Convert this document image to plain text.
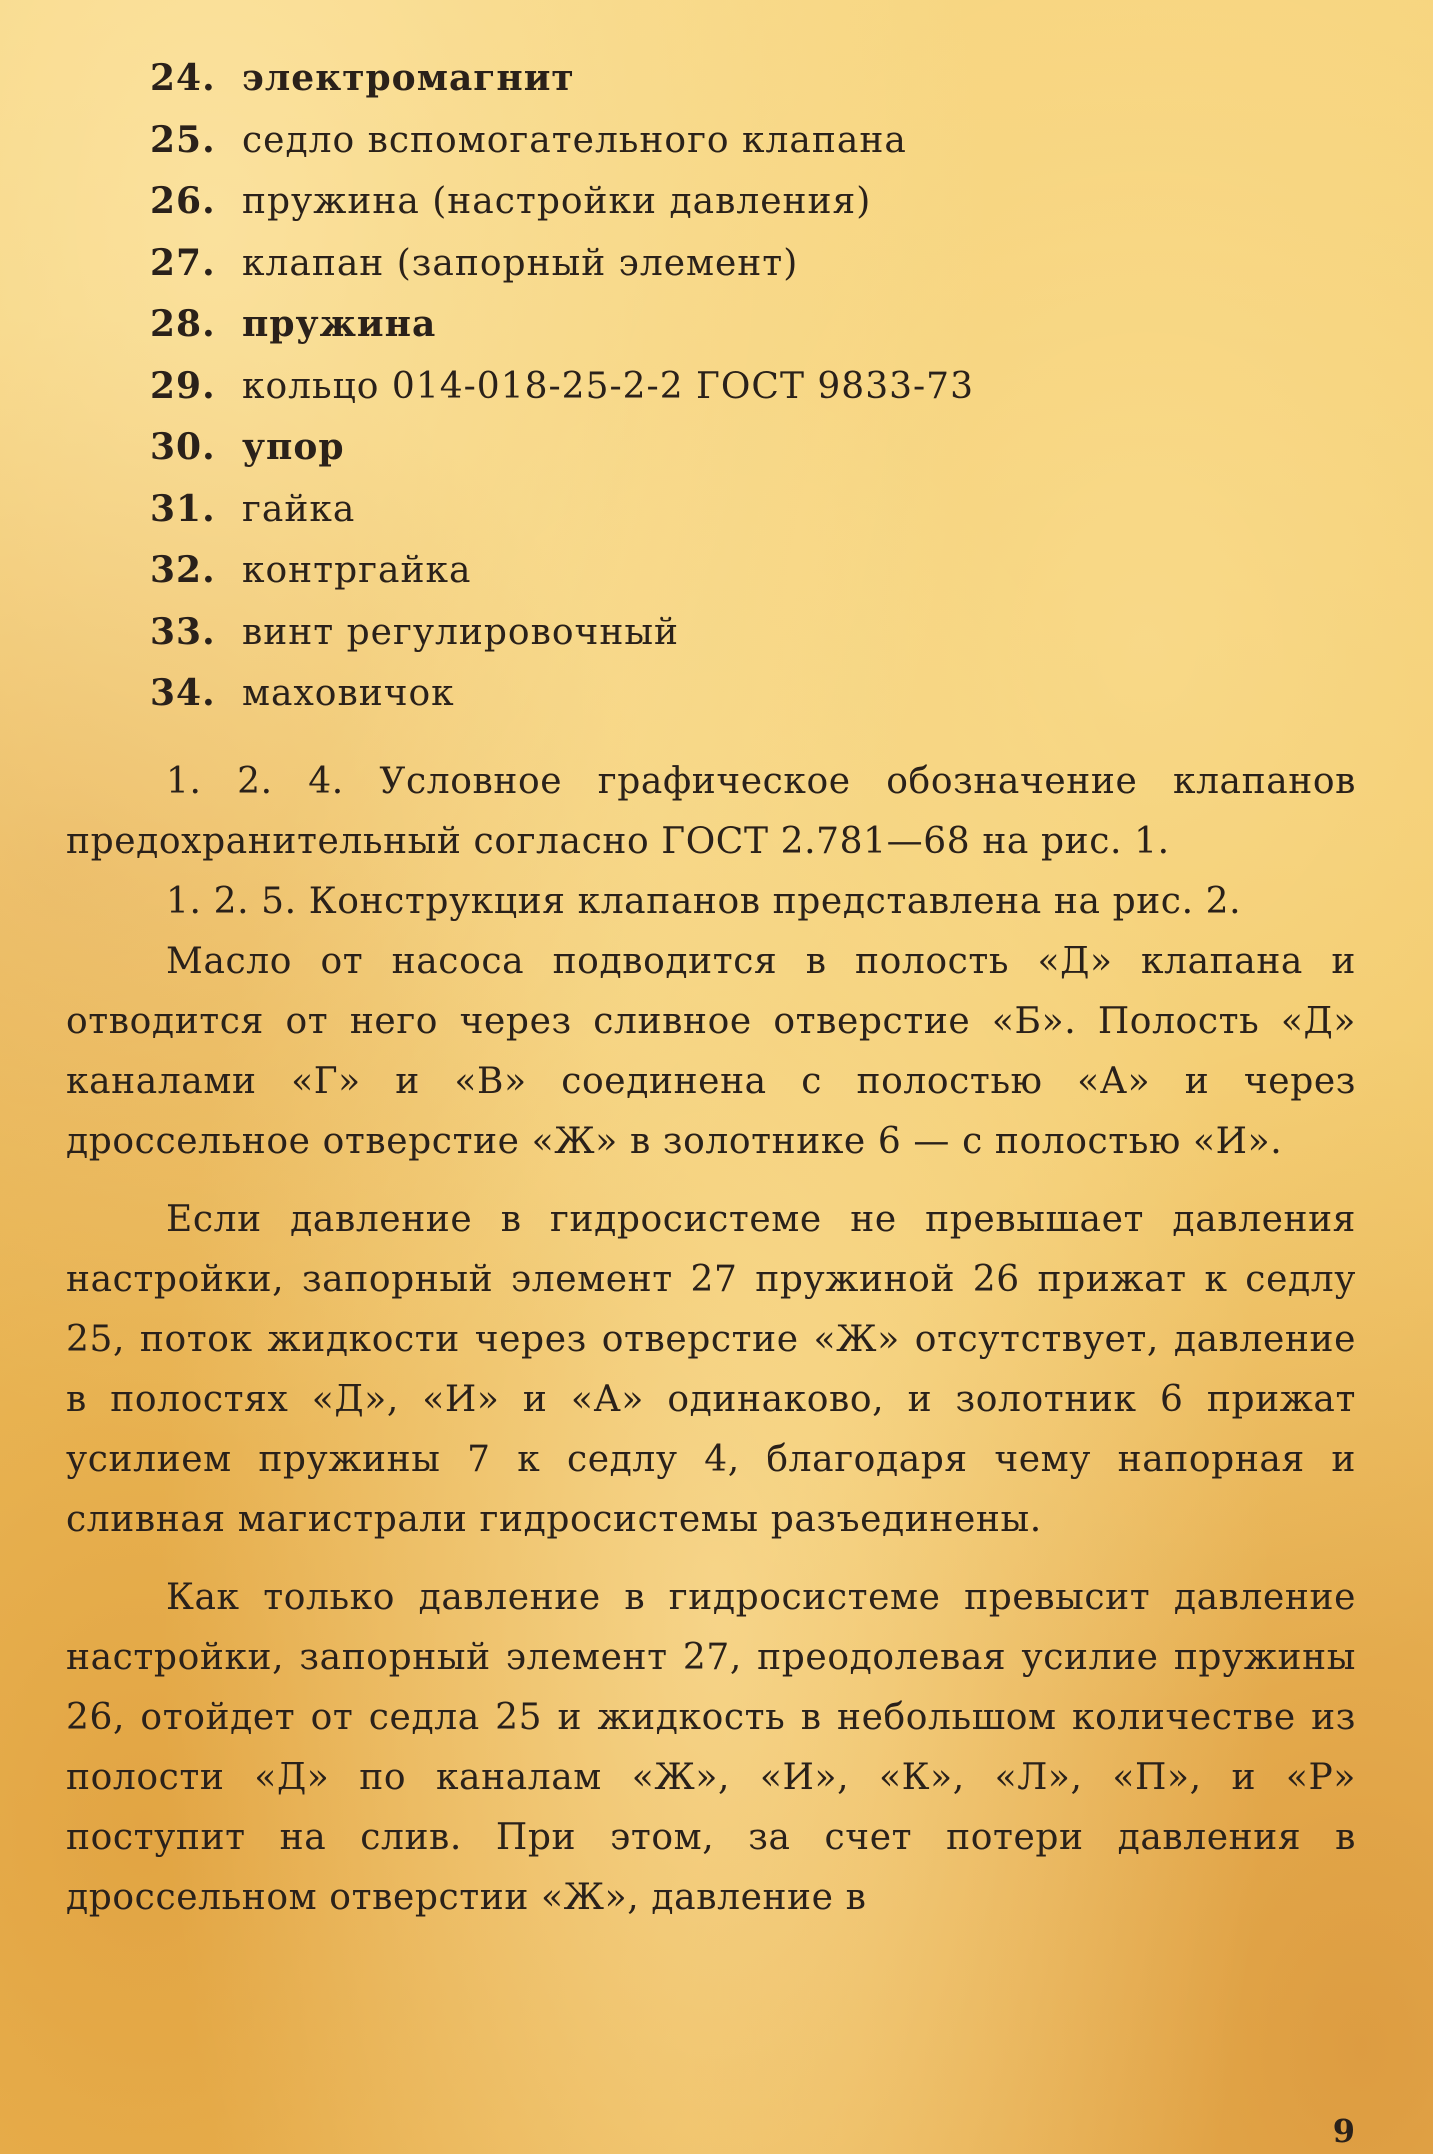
24. электромагнит
25. седло вспомогательного клапана
26. пружина (настройки давления)
27. клапан (запорный элемент)
28. пружина
29. кольцо 014-018-25-2-2 ГОСТ 9833-73
30. упор
31. гайка
32. контргайка
33. винт регулировочный
34. маховичок

1. 2. 4. Условное графическое обозначение клапанов предохранительный согласно ГОСТ 2.781—68 на рис. 1.

1. 2. 5. Конструкция клапанов представлена на рис. 2.

Масло от насоса подводится в полость «Д» клапана и отводится от него через сливное отверстие «Б». Полость «Д» каналами «Г» и «В» соединена с полостью «А» и через дроссельное отверстие «Ж» в золотнике 6 — с полостью «И».

Если давление в гидросистеме не превышает давления настройки, запорный элемент 27 пружиной 26 прижат к седлу 25, поток жидкости через отверстие «Ж» отсутствует, давление в полостях «Д», «И» и «А» одинаково, и золотник 6 прижат усилием пружины 7 к седлу 4, благодаря чему напорная и сливная магистрали гидросистемы разъединены.

Как только давление в гидросистеме превысит давление настройки, запорный элемент 27, преодолевая усилие пружины 26, отойдет от седла 25 и жидкость в небольшом количестве из полости «Д» по каналам «Ж», «И», «К», «Л», «П», и «Р» поступит на слив. При этом, за счет потери давления в дроссельном отверстии «Ж», давление в

9
